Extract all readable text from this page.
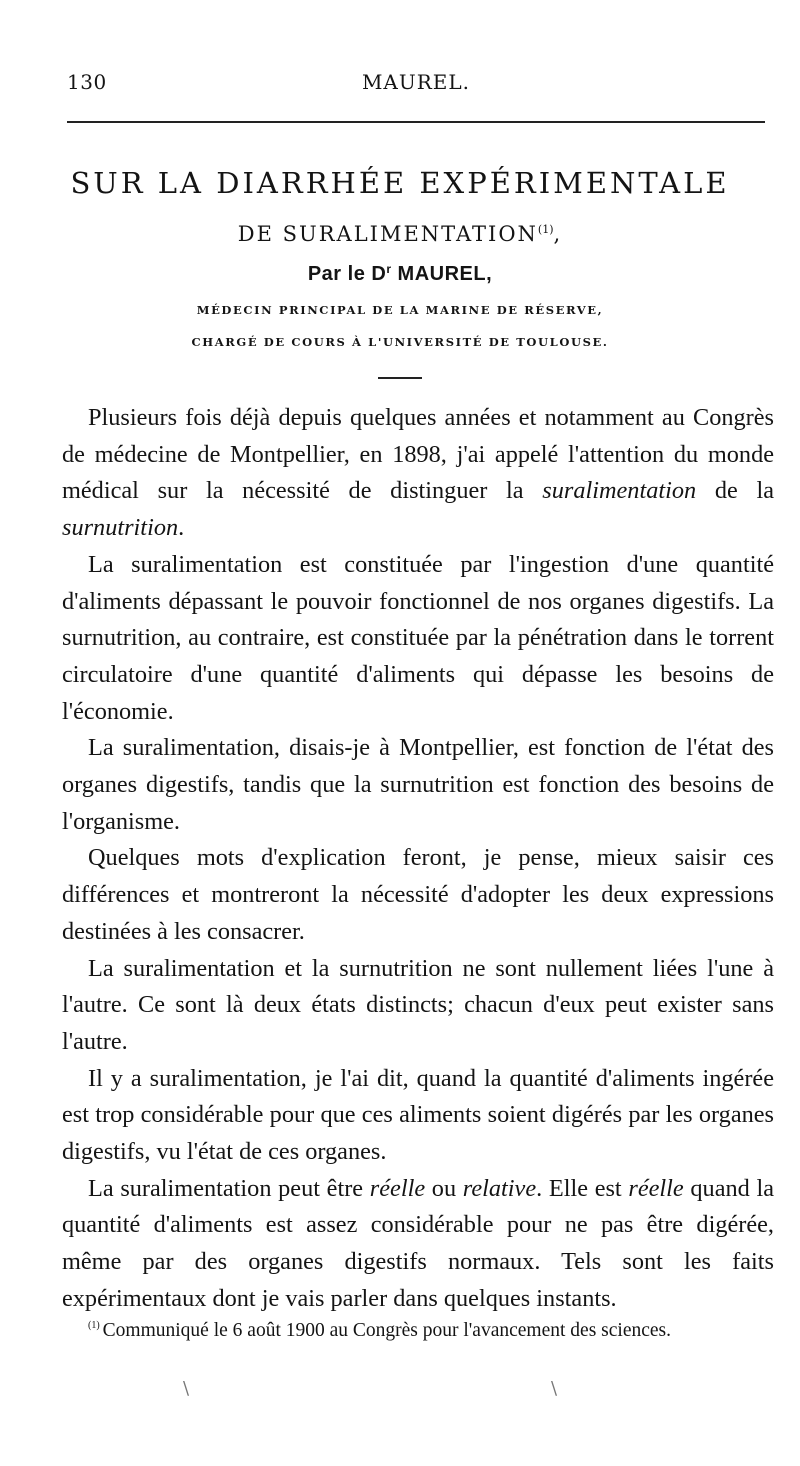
130	MAUREL.
SUR LA DIARRHÉE EXPÉRIMENTALE
DE SURALIMENTATION$^{(1)}$,
Par le $D^r$ MAUREL,
MÉDECIN PRINCIPAL DE LA MARINE DE RÉSERVE,
CHARGÉ DE COURS À L'UNIVERSITÉ DE TOULOUSE.

Plusieurs fois déjà depuis quelques années et notamment au Congrès de médecine de Montpellier, en 1898, j'ai appelé l'attention du monde médical sur la nécessité de distinguer la suralimentation de la surnutrition.

La suralimentation est constituée par l'ingestion d'une quantité d'aliments dépassant le pouvoir fonctionnel de nos organes digestifs. La surnutrition, au contraire, est constituée par la pénétration dans le torrent circulatoire d'une quantité d'aliments qui dépasse les besoins de l'économie.

La suralimentation, disais-je à Montpellier, est fonction de l'état des organes digestifs, tandis que la surnutrition est fonction des besoins de l'organisme.

Quelques mots d'explication feront, je pense, mieux saisir ces différences et montreront la nécessité d'adopter les deux expressions destinées à les consacrer.

La suralimentation et la surnutrition ne sont nullement liées l'une à l'autre. Ce sont là deux états distincts; chacun d'eux peut exister sans l'autre.

Il y a suralimentation, je l'ai dit, quand la quantité d'aliments ingérée est trop considérable pour que ces aliments soient digérés par les organes digestifs, vu l'état de ces organes.

La suralimentation peut être réelle ou relative. Elle est réelle quand la quantité d'aliments est assez considérable pour ne pas être digérée, même par des organes digestifs normaux. Tels sont les faits expérimentaux dont je vais parler dans quelques instants.

$^{(1)}$ Communiqué le 6 août 1900 au Congrès pour l'avancement des sciences.
\	\
